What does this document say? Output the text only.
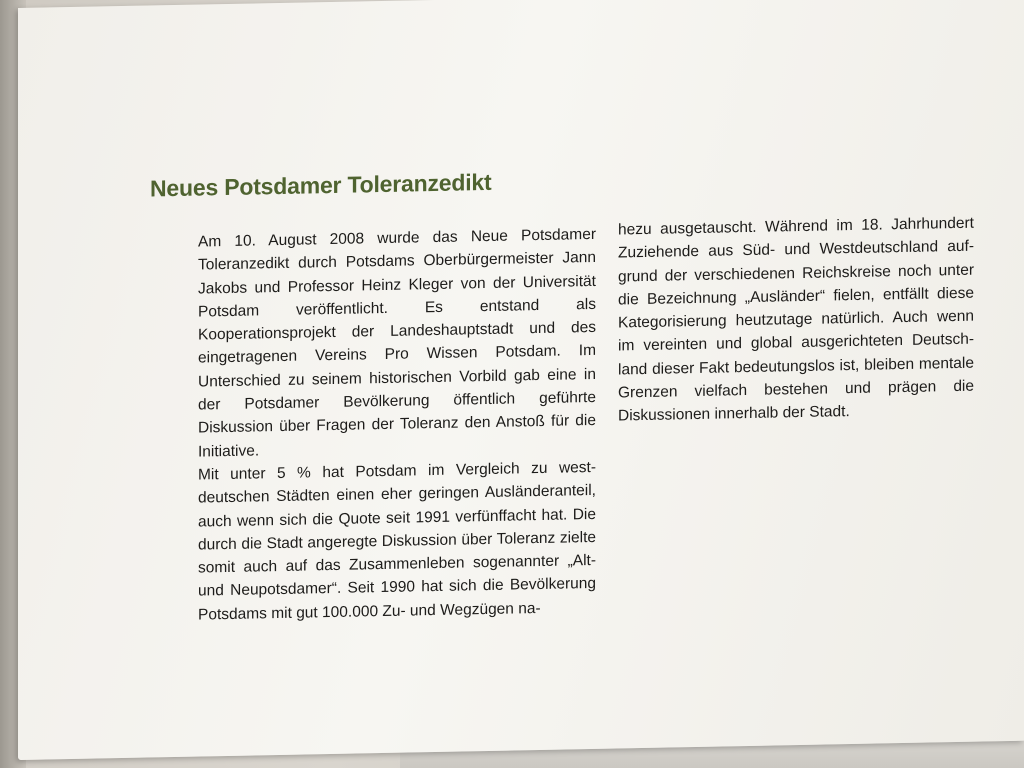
Neues Potsdamer Toleranzedikt

Am 10. August 2008 wurde das Neue Potsdamer Toleranzedikt durch Potsdams Oberbürgermeister Jann Jakobs und Professor Heinz Kleger von der Universität Potsdam veröffentlicht. Es entstand als Kooperationsprojekt der Landeshauptstadt und des eingetragenen Vereins Pro Wissen Potsdam. Im Unterschied zu seinem historischen Vorbild gab eine in der Potsdamer Bevölkerung öffentlich geführte Diskussion über Fragen der Toleranz den Anstoß für die Initiative.

Mit unter 5 % hat Potsdam im Vergleich zu westdeutschen Städten einen eher geringen Ausländeranteil, auch wenn sich die Quote seit 1991 verfünffacht hat. Die durch die Stadt angeregte Diskussion über Toleranz zielte somit auch auf das Zusammenleben sogenannter „Alt- und Neupotsdamer“. Seit 1990 hat sich die Bevölkerung Potsdams mit gut 100.000 Zu- und Wegzügen na-

hezu ausgetauscht. Während im 18. Jahrhundert Zuziehende aus Süd- und Westdeutschland aufgrund der verschiedenen Reichskreise noch unter die Bezeichnung „Ausländer“ fielen, entfällt diese Kategorisierung heutzutage natürlich. Auch wenn im vereinten und global ausgerichteten Deutschland dieser Fakt bedeutungslos ist, bleiben mentale Grenzen vielfach bestehen und prägen die Diskussionen innerhalb der Stadt.
